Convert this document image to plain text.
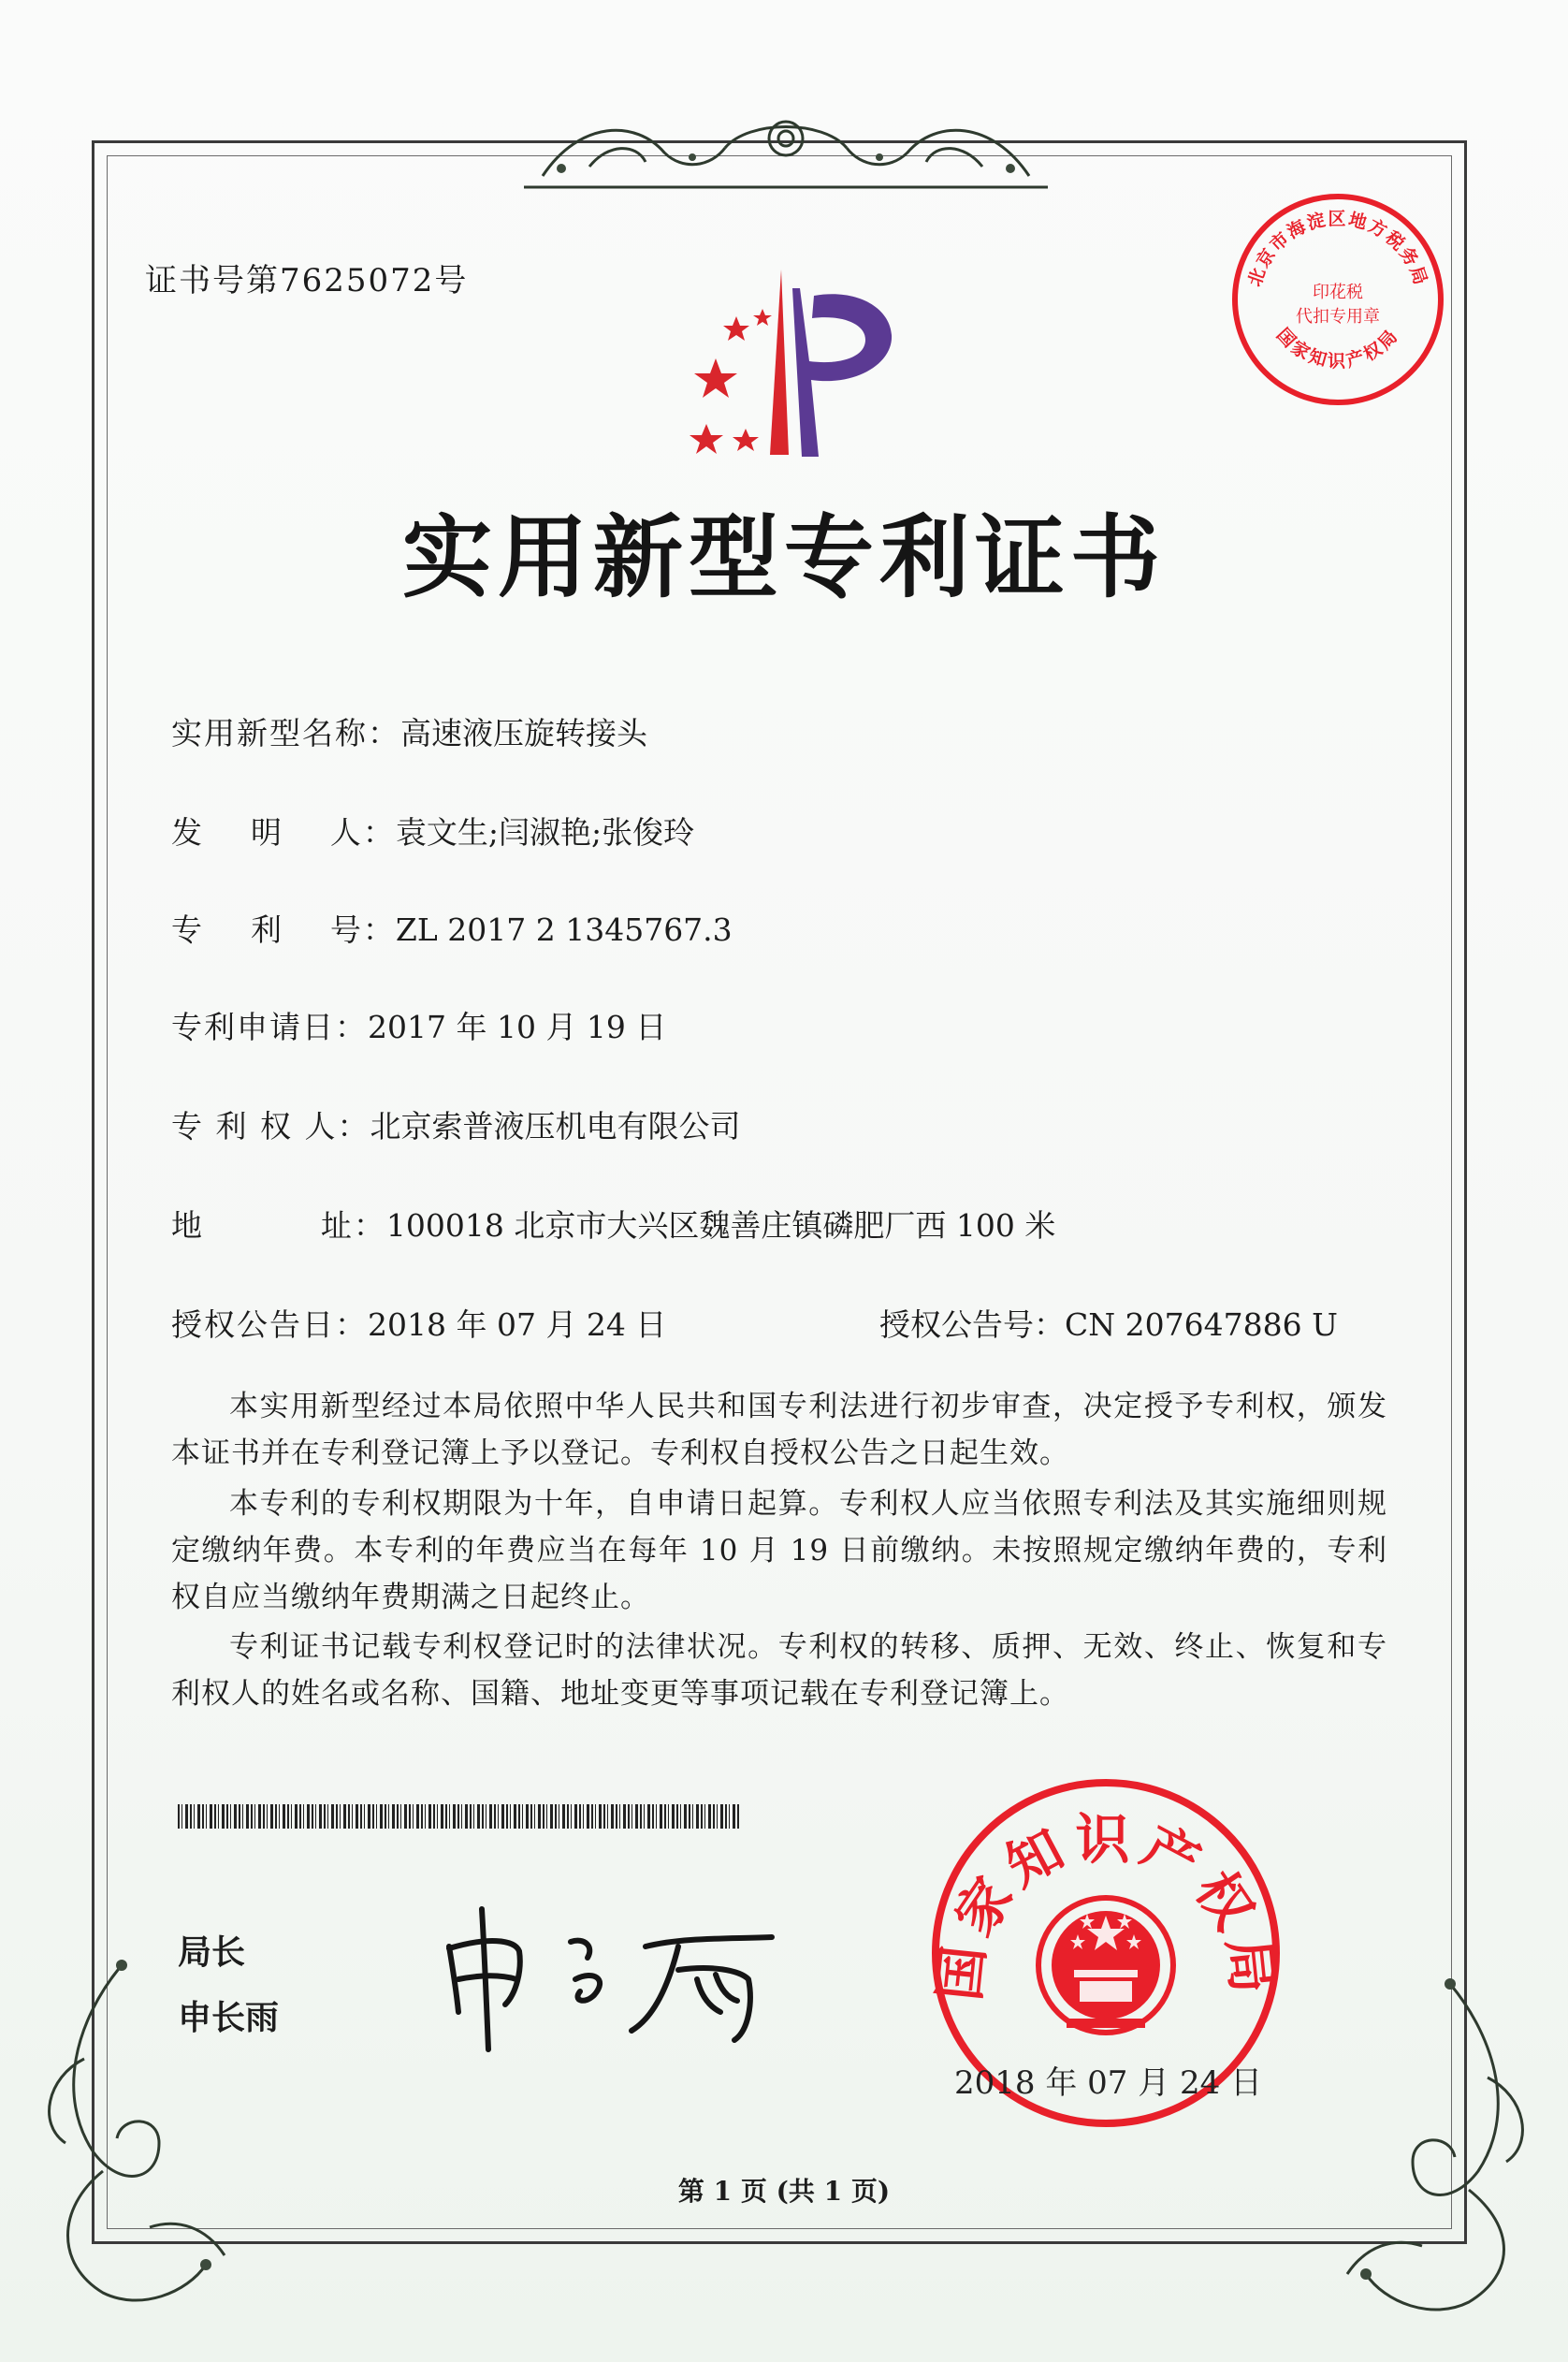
证书号第7625072号	北京市海淀区地方税务局
印花税
代扣专用章
国家知识产权局
实用新型专利证书
实用新型名称：高速液压旋转接头
发    明    人：袁文生;闫淑艳;张俊玲
专    利    号：ZL 2017 2 1345767.3
专利申请日：2017 年 10 月 19 日
专 利 权 人：北京索普液压机电有限公司
地          址：100018 北京市大兴区魏善庄镇磷肥厂西 100 米
授权公告日：2018 年 07 月 24 日	授权公告号：CN 207647886 U
本实用新型经过本局依照中华人民共和国专利法进行初步审查，决定授予专利权，颁发本证书并在专利登记簿上予以登记。专利权自授权公告之日起生效。
本专利的专利权期限为十年，自申请日起算。专利权人应当依照专利法及其实施细则规定缴纳年费。本专利的年费应当在每年 10 月 19 日前缴纳。未按照规定缴纳年费的，专利权自应当缴纳年费期满之日起终止。
专利证书记载专利权登记时的法律状况。专利权的转移、质押、无效、终止、恢复和专利权人的姓名或名称、国籍、地址变更等事项记载在专利登记簿上。
局长
申长雨
国家知识产权局
2018 年 07 月 24 日
第 1 页 (共 1 页)
